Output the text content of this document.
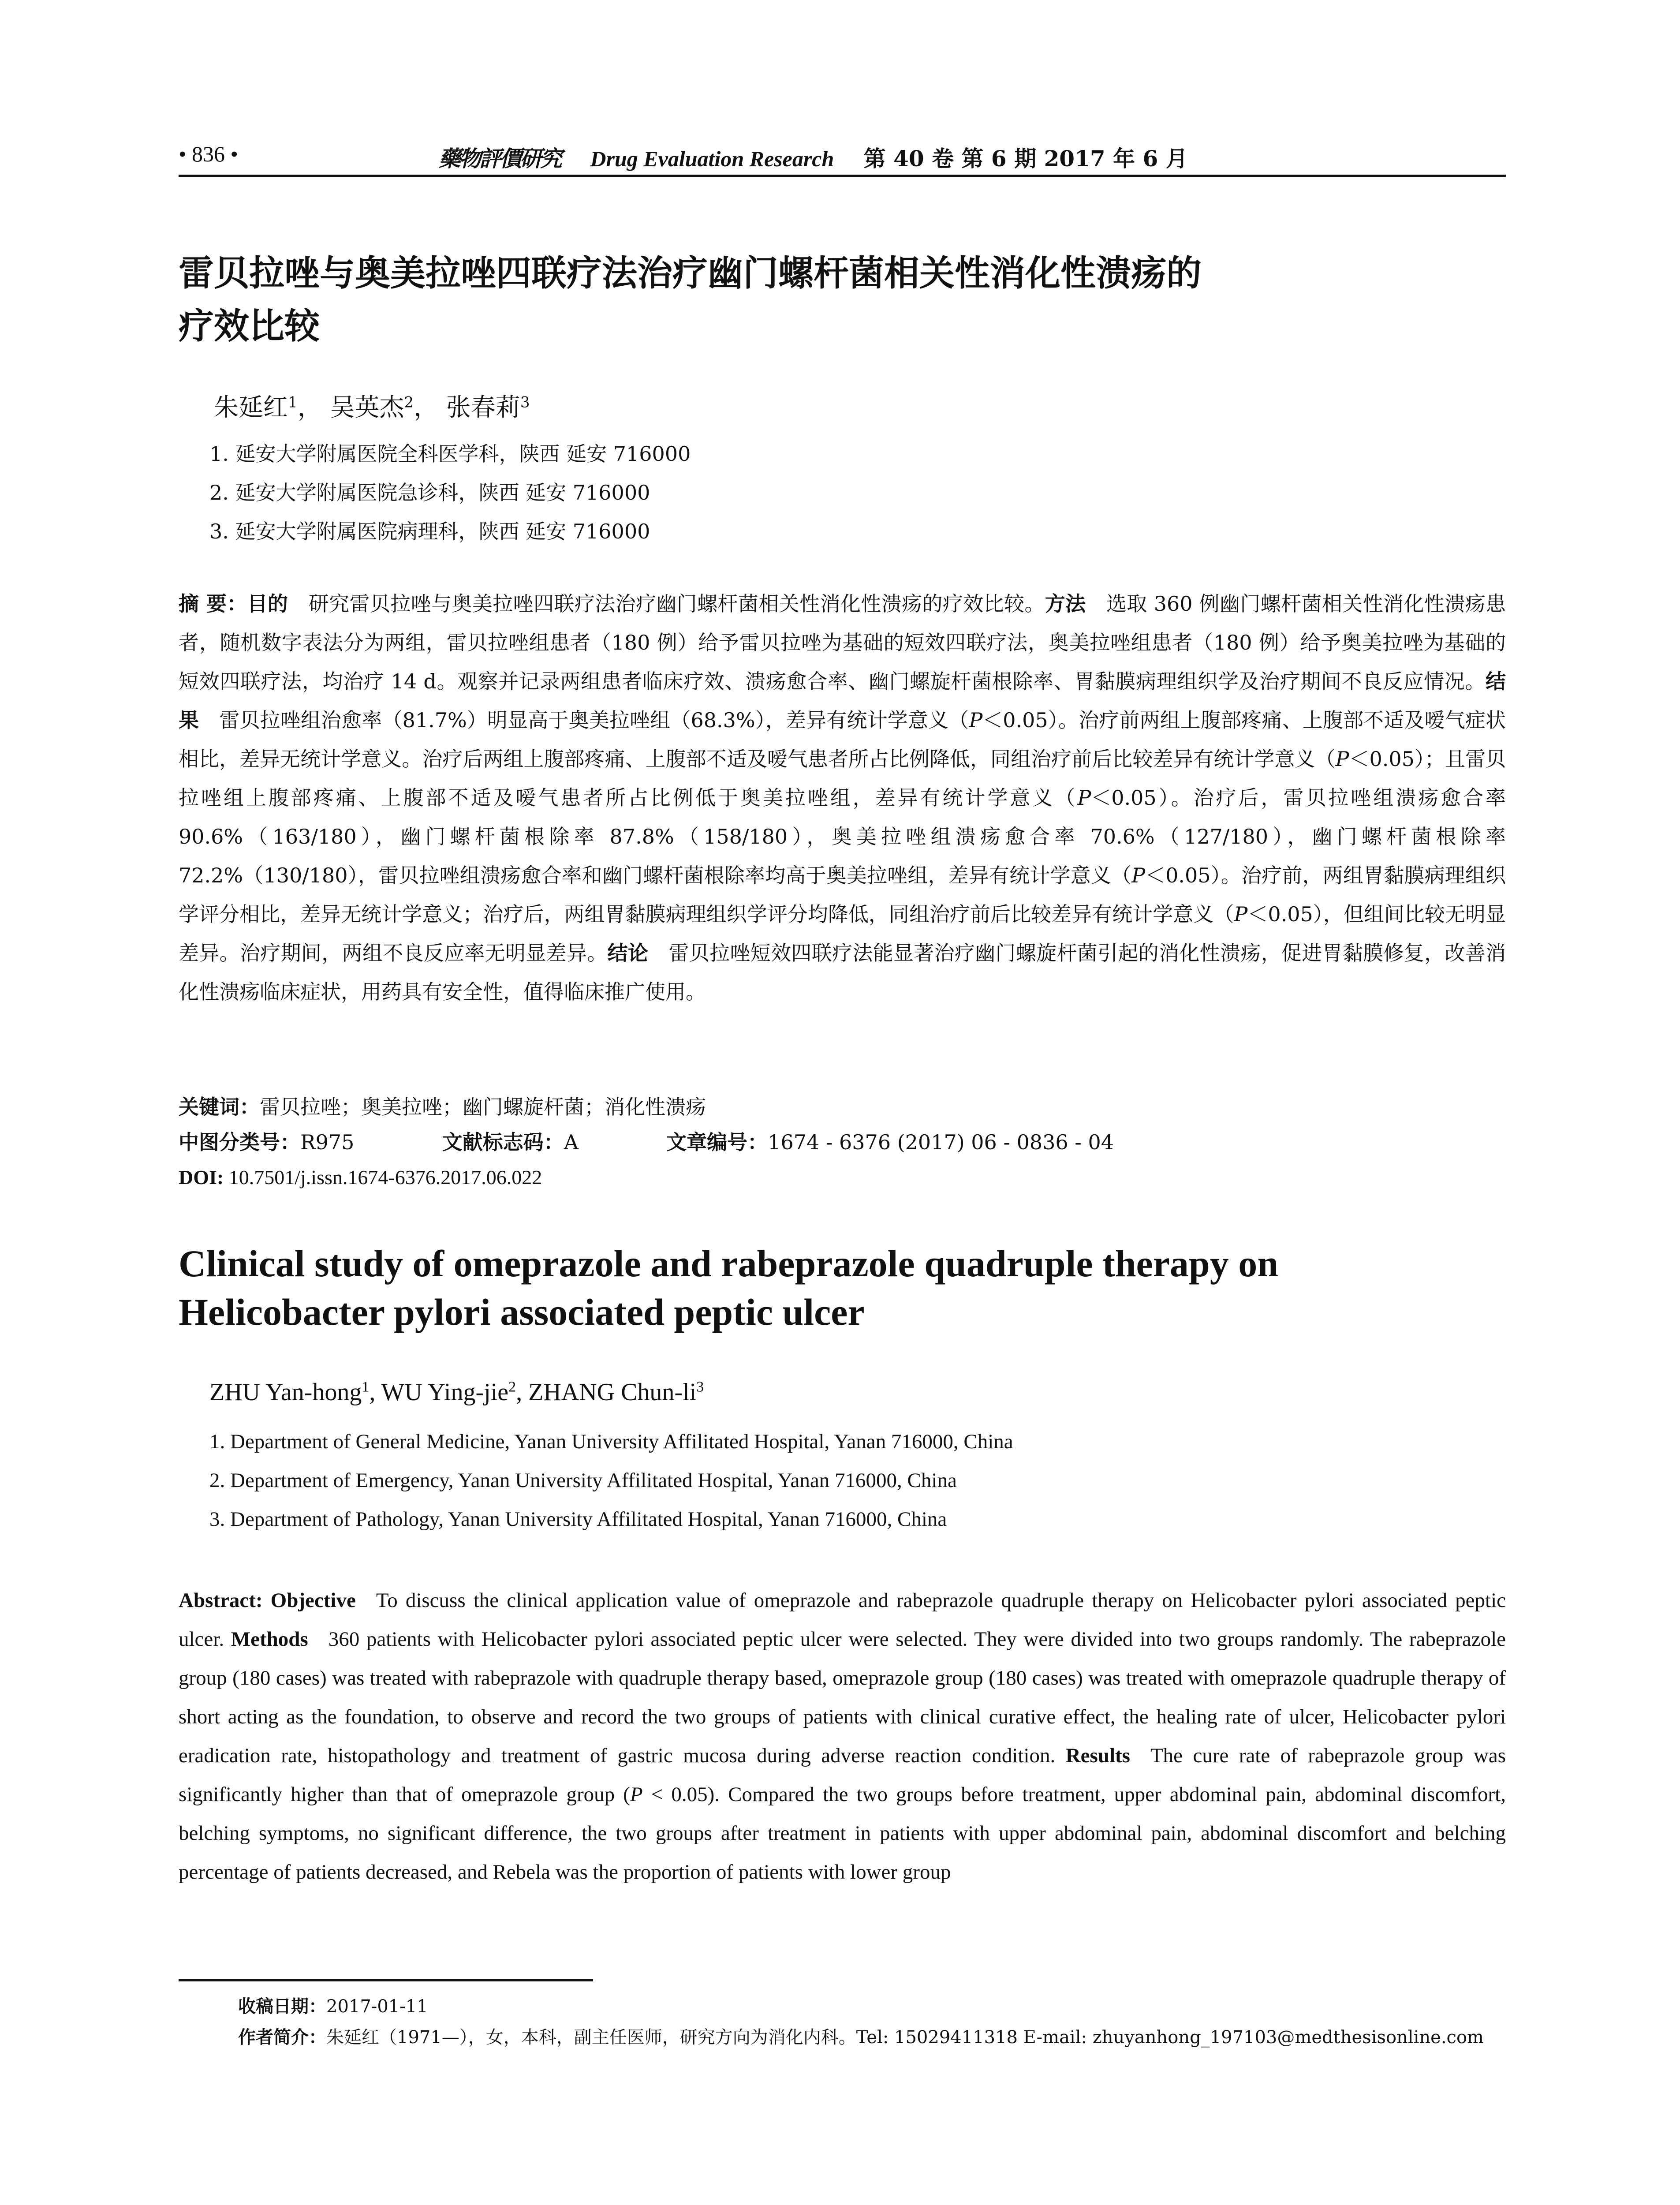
• 836 •	藥物評價研究 Drug Evaluation Research 第 40 卷 第 6 期 2017 年 6 月
雷贝拉唑与奥美拉唑四联疗法治疗幽门螺杆菌相关性消化性溃疡的
疗效比较

朱延红$^1$， 吴英杰$^2$， 张春莉$^3$

1. 延安大学附属医院全科医学科，陕西 延安 716000
2. 延安大学附属医院急诊科，陕西 延安 716000
3. 延安大学附属医院病理科，陕西 延安 716000

摘 要：目的 研究雷贝拉唑与奥美拉唑四联疗法治疗幽门螺杆菌相关性消化性溃疡的疗效比较。方法 选取 360 例幽门螺杆菌相关性消化性溃疡患者，随机数字表法分为两组，雷贝拉唑组患者（180 例）给予雷贝拉唑为基础的短效四联疗法，奥美拉唑组患者（180 例）给予奥美拉唑为基础的短效四联疗法，均治疗 14 d。观察并记录两组患者临床疗效、溃疡愈合率、幽门螺旋杆菌根除率、胃黏膜病理组织学及治疗期间不良反应情况。结果 雷贝拉唑组治愈率（81.7%）明显高于奥美拉唑组（68.3%），差异有统计学意义（P＜0.05）。治疗前两组上腹部疼痛、上腹部不适及嗳气症状相比，差异无统计学意义。治疗后两组上腹部疼痛、上腹部不适及嗳气患者所占比例降低，同组治疗前后比较差异有统计学意义（P＜0.05）；且雷贝拉唑组上腹部疼痛、上腹部不适及嗳气患者所占比例低于奥美拉唑组，差异有统计学意义（P＜0.05）。治疗后，雷贝拉唑组溃疡愈合率 90.6%（163/180），幽门螺杆菌根除率 87.8%（158/180），奥美拉唑组溃疡愈合率 70.6%（127/180），幽门螺杆菌根除率 72.2%（130/180），雷贝拉唑组溃疡愈合率和幽门螺杆菌根除率均高于奥美拉唑组，差异有统计学意义（P＜0.05）。治疗前，两组胃黏膜病理组织学评分相比，差异无统计学意义；治疗后，两组胃黏膜病理组织学评分均降低，同组治疗前后比较差异有统计学意义（P＜0.05），但组间比较无明显差异。治疗期间，两组不良反应率无明显差异。结论 雷贝拉唑短效四联疗法能显著治疗幽门螺旋杆菌引起的消化性溃疡，促进胃黏膜修复，改善消化性溃疡临床症状，用药具有安全性，值得临床推广使用。

关键词：雷贝拉唑；奥美拉唑；幽门螺旋杆菌；消化性溃疡
中图分类号：R975	文献标志码：A	文章编号：1674 - 6376 (2017) 06 - 0836 - 04
DOI: 10.7501/j.issn.1674-6376.2017.06.022
Clinical study of omeprazole and rabeprazole quadruple therapy on
Helicobacter pylori associated peptic ulcer

ZHU Yan-hong$^1$, WU Ying-jie$^2$, ZHANG Chun-$li^3$

1. Department of General Medicine, Yanan University Affilitated Hospital, Yanan 716000, China
2. Department of Emergency, Yanan University Affilitated Hospital, Yanan 716000, China
3. Department of Pathology, Yanan University Affilitated Hospital, Yanan 716000, China

Abstract: Objective To discuss the clinical application value of omeprazole and rabeprazole quadruple therapy on Helicobacter pylori associated peptic ulcer. Methods 360 patients with Helicobacter pylori associated peptic ulcer were selected. They were divided into two groups randomly. The rabeprazole group (180 cases) was treated with rabeprazole with quadruple therapy based, omeprazole group (180 cases) was treated with omeprazole quadruple therapy of short acting as the foundation, to observe and record the two groups of patients with clinical curative effect, the healing rate of ulcer, Helicobacter pylori eradication rate, histopathology and treatment of gastric mucosa during adverse reaction condition. Results The cure rate of rabeprazole group was significantly higher than that of omeprazole group (P < 0.05). Compared the two groups before treatment, upper abdominal pain, abdominal discomfort, belching symptoms, no significant difference, the two groups after treatment in patients with upper abdominal pain, abdominal discomfort and belching percentage of patients decreased, and Rebela was the proportion of patients with lower group

收稿日期：2017-01-11
作者简介：朱延红（1971—），女，本科，副主任医师，研究方向为消化内科。Tel: 15029411318 E-mail: zhuyanhong_197103@medthesisonline.com
